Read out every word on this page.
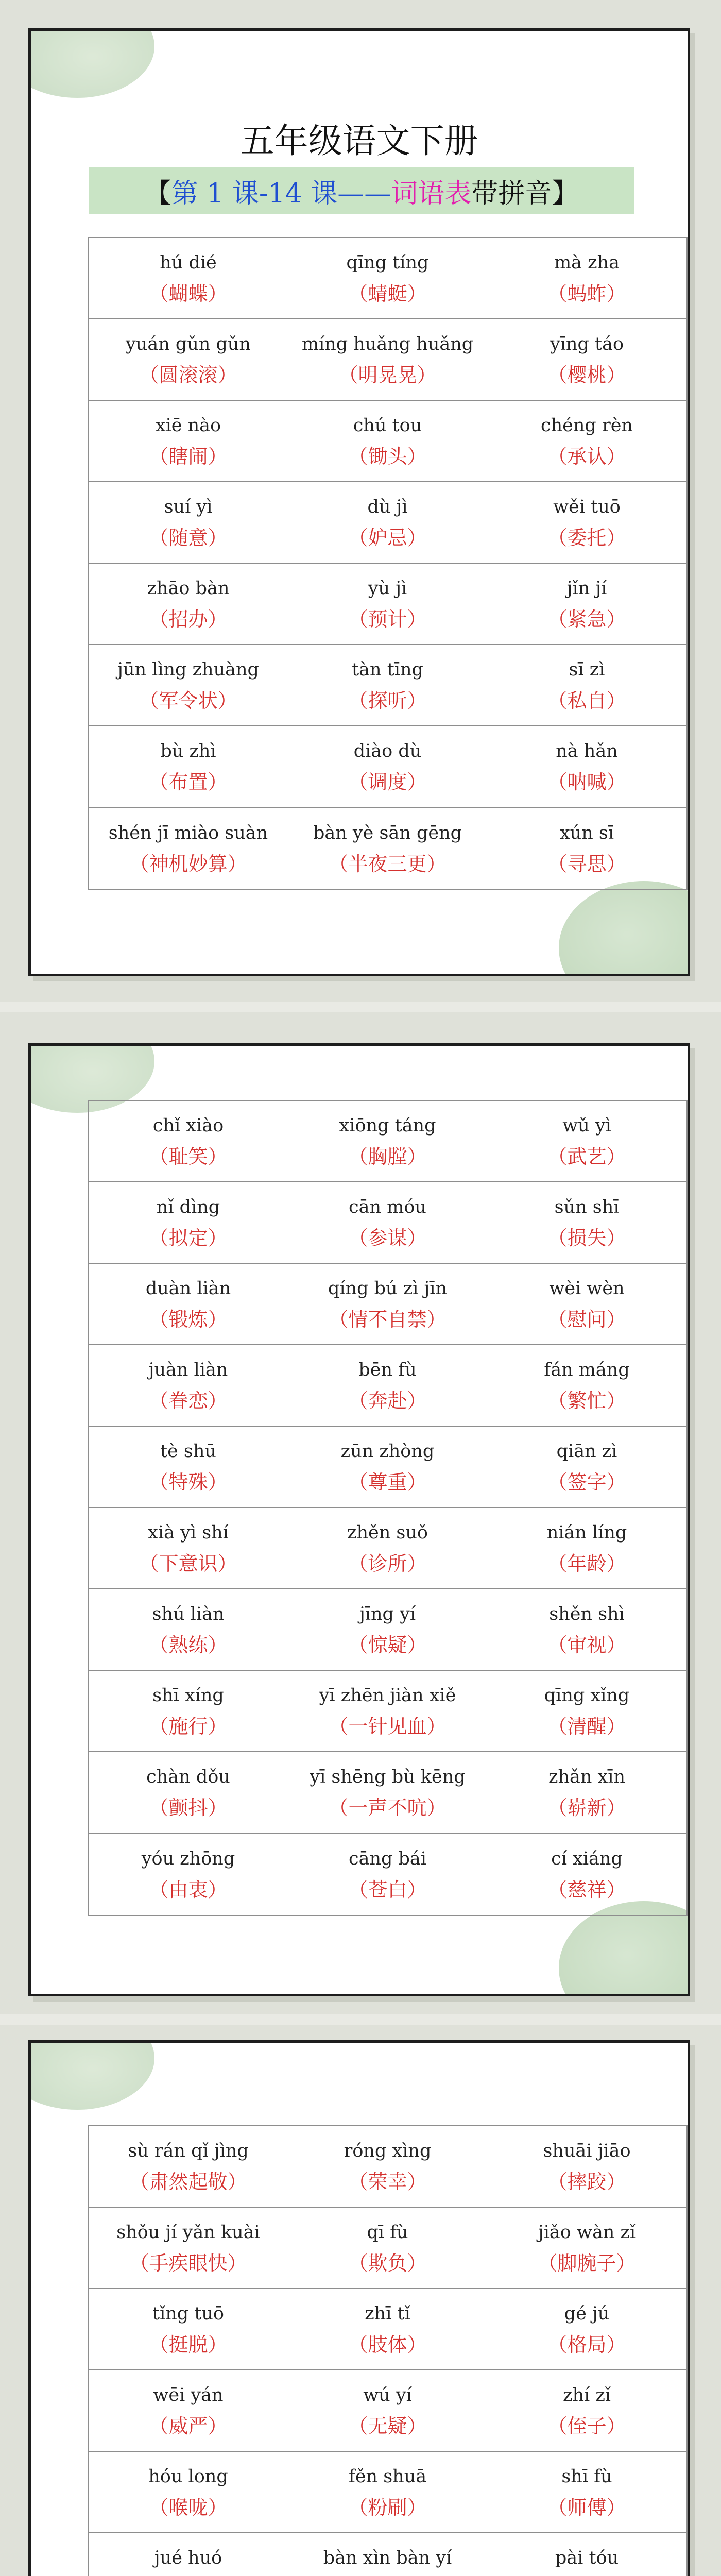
五年级语文下册
【 第 1 课-14 课—— 词语表 带拼音】
hú dié
（蝴蝶）
qīng tíng
（蜻蜓）
mà zha
（蚂蚱）
yuán gǔn gǔn
（圆滚滚）
míng huǎng huǎng
（明晃晃）
yīng táo
（樱桃）
xiē nào
（瞎闹）
chú tou
（锄头）
chéng rèn
（承认）
suí yì
（随意）
dù jì
（妒忌）
wěi tuō
（委托）
zhāo bàn
（招办）
yù jì
（预计）
jǐn jí
（紧急）
jūn lìng zhuàng
（军令状）
tàn tīng
（探听）
sī zì
（私自）
bù zhì
（布置）
diào dù
（调度）
nà hǎn
（呐喊）
shén jī miào suàn
（神机妙算）
bàn yè sān gēng
（半夜三更）
xún sī
（寻思）
chǐ xiào
（耻笑）
xiōng táng
（胸膛）
wǔ yì
（武艺）
nǐ dìng
（拟定）
cān móu
（参谋）
sǔn shī
（损失）
duàn liàn
（锻炼）
qíng bú zì jīn
（情不自禁）
wèi wèn
（慰问）
juàn liàn
（眷恋）
bēn fù
（奔赴）
fán máng
（繁忙）
tè shū
（特殊）
zūn zhòng
（尊重）
qiān zì
（签字）
xià yì shí
（下意识）
zhěn suǒ
（诊所）
nián líng
（年龄）
shú liàn
（熟练）
jīng yí
（惊疑）
shěn shì
（审视）
shī xíng
（施行）
yī zhēn jiàn xiě
（一针见血）
qīng xǐng
（清醒）
chàn dǒu
（颤抖）
yī shēng bù kēng
（一声不吭）
zhǎn xīn
（崭新）
yóu zhōng
（由衷）
cāng bái
（苍白）
cí xiáng
（慈祥）
sù rán qǐ jìng
（肃然起敬）
róng xìng
（荣幸）
shuāi jiāo
（摔跤）
shǒu jí yǎn kuài
（手疾眼快）
qī fù
（欺负）
jiǎo wàn zǐ
（脚腕子）
tǐng tuō
（挺脱）
zhī tǐ
（肢体）
gé jú
（格局）
wēi yán
（威严）
wú yí
（无疑）
zhí zǐ
（侄子）
hóu long
（喉咙）
fěn shuā
（粉刷）
shī fù
（师傅）
jué huó	bàn xìn bàn yí	pài tóu
